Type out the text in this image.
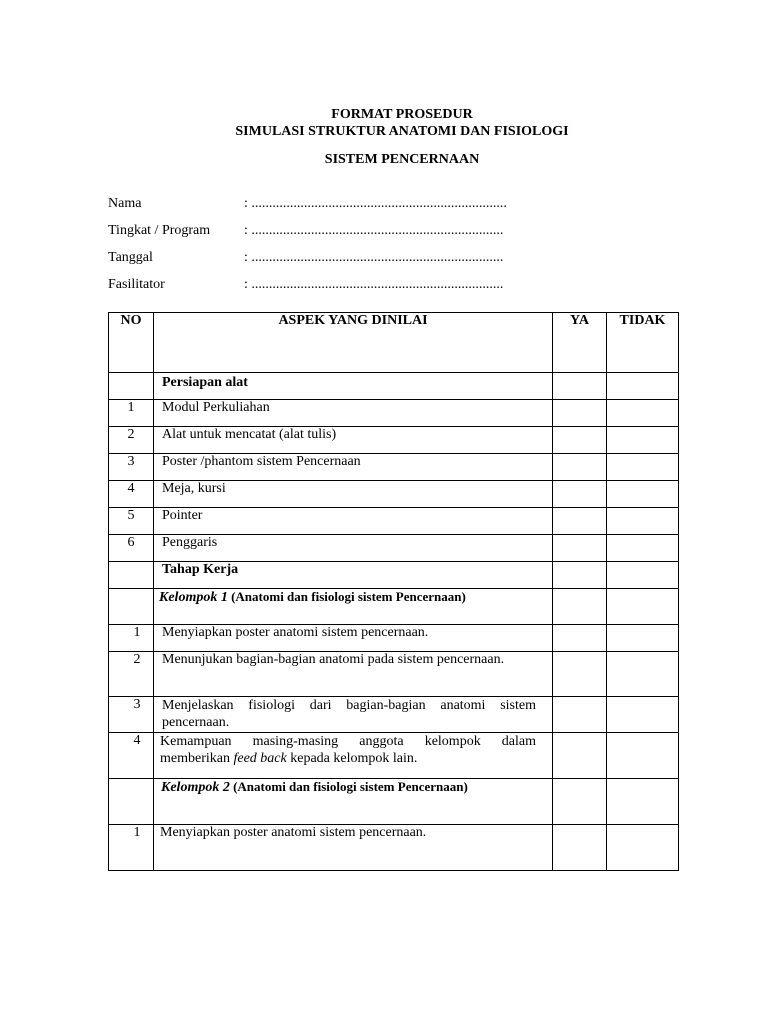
FORMAT PROSEDUR
SIMULASI STRUKTUR ANATOMI DAN FISIOLOGI
SISTEM PENCERNAAN
Nama	: .........................................................................
Tingkat / Program : ........................................................................
Tanggal	: ........................................................................
Fasilitator	: ........................................................................
NO	ASPEK YANG DINILAI	YA	TIDAK
	Persiapan alat		
1	Modul Perkuliahan		
2	Alat untuk mencatat (alat tulis)		
3	Poster /phantom sistem Pencernaan		
4	Meja, kursi		
5	Pointer		
6	Penggaris		
	Tahap Kerja		
	Kelompok 1 (Anatomi dan fisiologi sistem Pencernaan)		
1	Menyiapkan poster anatomi sistem pencernaan.		
2	Menunjukan bagian-bagian anatomi pada sistem pencernaan.		
3	Menjelaskan fisiologi dari bagian-bagian anatomi sistem pencernaan.		
4	Kemampuan masing-masing anggota kelompok dalam memberikan feed back kepada kelompok lain.		
	Kelompok 2 (Anatomi dan fisiologi sistem Pencernaan)		
1	Menyiapkan poster anatomi sistem pencernaan.		
